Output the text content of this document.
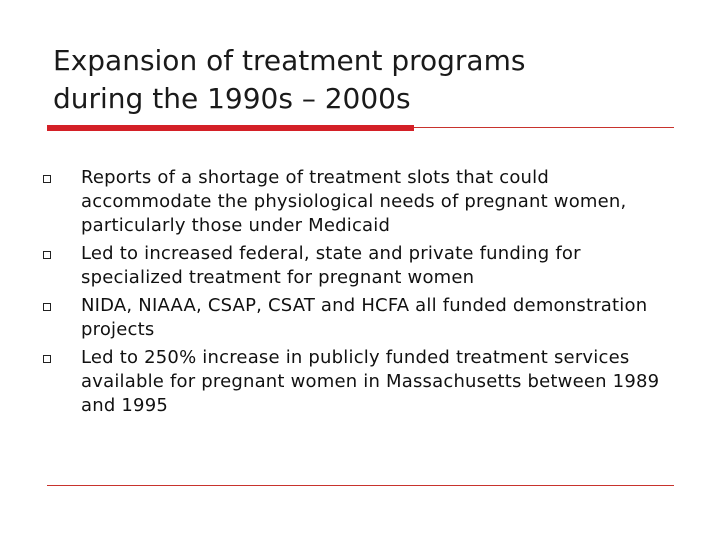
Expansion of treatment programs
during the 1990s – 2000s
Reports of a shortage of treatment slots that could accommodate the physiological needs of pregnant women, particularly those under Medicaid
Led to increased federal, state and private funding for specialized treatment for pregnant women
NIDA, NIAAA, CSAP, CSAT and HCFA all funded demonstration projects
Led to 250% increase in publicly funded treatment services available for pregnant women in Massachusetts between 1989 and 1995
